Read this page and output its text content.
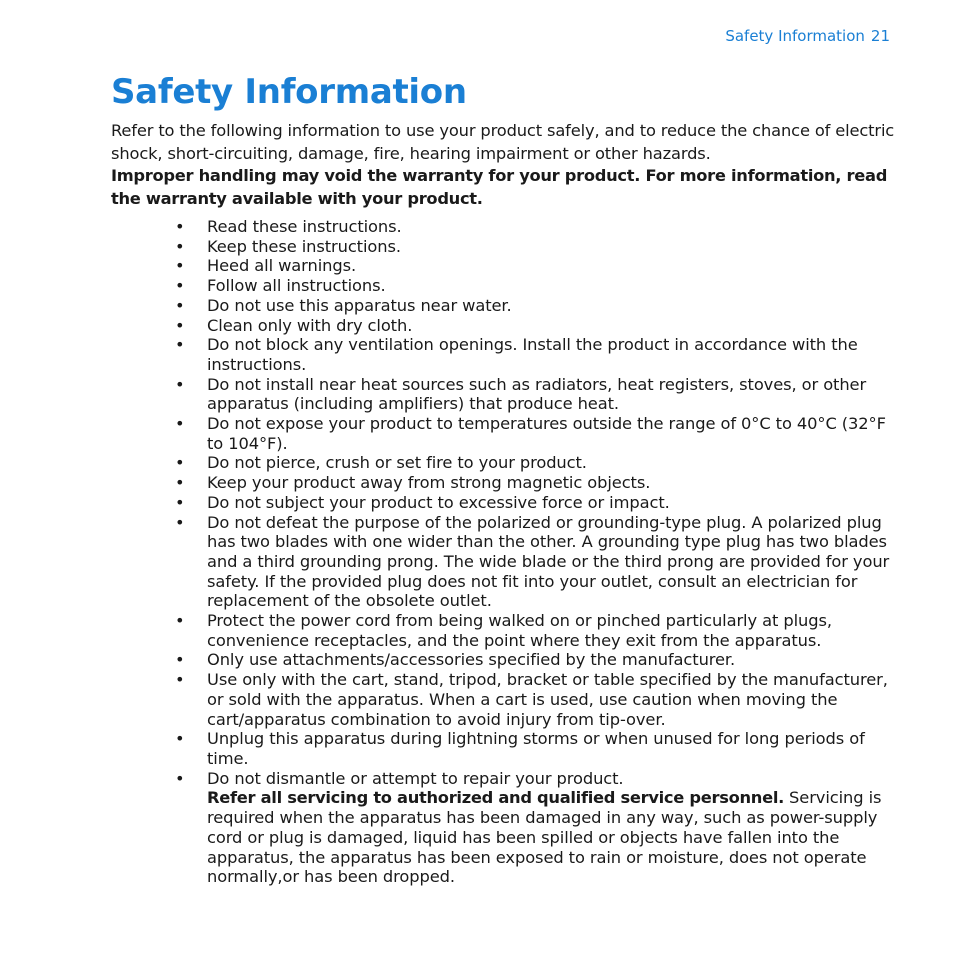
Safety Information 21
Safety Information

Refer to the following information to use your product safely, and to reduce the chance of electric shock, short-circuiting, damage, fire, hearing impairment or other hazards.

Improper handling may void the warranty for your product. For more information, read the warranty available with your product.

• Read these instructions.
• Keep these instructions.
• Heed all warnings.
• Follow all instructions.
• Do not use this apparatus near water.
• Clean only with dry cloth.
• Do not block any ventilation openings. Install the product in accordance with the instructions.
• Do not install near heat sources such as radiators, heat registers, stoves, or other apparatus (including amplifiers) that produce heat.
• Do not expose your product to temperatures outside the range of 0°C to 40°C (32°F to 104°F).
• Do not pierce, crush or set fire to your product.
• Keep your product away from strong magnetic objects.
• Do not subject your product to excessive force or impact.
• Do not defeat the purpose of the polarized or grounding-type plug. A polarized plug has two blades with one wider than the other. A grounding type plug has two blades and a third grounding prong. The wide blade or the third prong are provided for your safety. If the provided plug does not fit into your outlet, consult an electrician for replacement of the obsolete outlet.
• Protect the power cord from being walked on or pinched particularly at plugs, convenience receptacles, and the point where they exit from the apparatus.
• Only use attachments/accessories specified by the manufacturer.
• Use only with the cart, stand, tripod, bracket or table specified by the manufacturer, or sold with the apparatus. When a cart is used, use caution when moving the cart/apparatus combination to avoid injury from tip-over.
• Unplug this apparatus during lightning storms or when unused for long periods of time.
• Do not dismantle or attempt to repair your product.
Refer all servicing to authorized and qualified service personnel. Servicing is required when the apparatus has been damaged in any way, such as power-supply cord or plug is damaged, liquid has been spilled or objects have fallen into the apparatus, the apparatus has been exposed to rain or moisture, does not operate normally,or has been dropped.
